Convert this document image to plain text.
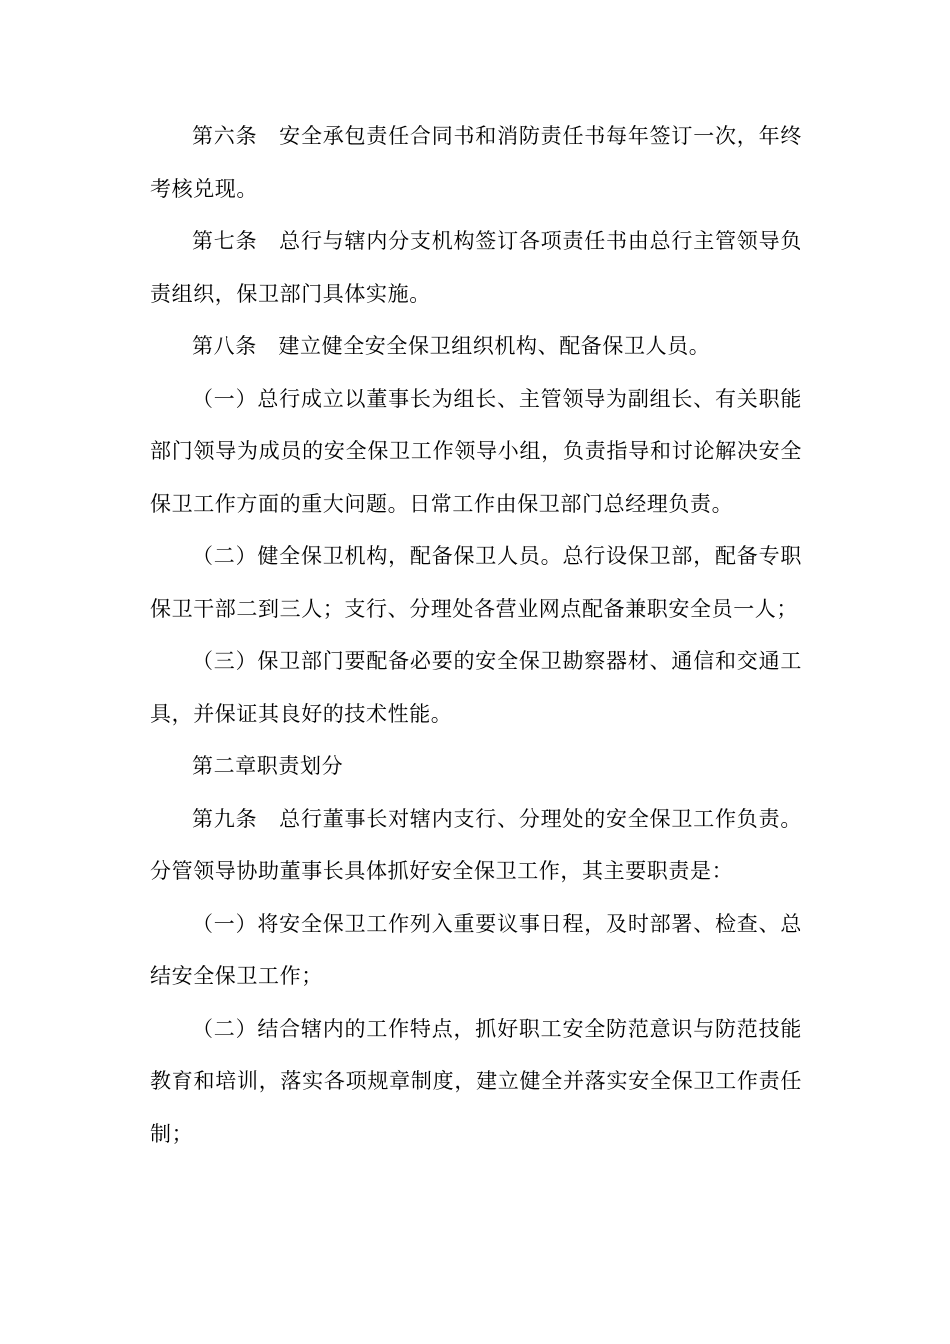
第六条　安全承包责任合同书和消防责任书每年签订一次，年终考核兑现。

第七条　总行与辖内分支机构签订各项责任书由总行主管领导负责组织，保卫部门具体实施。

第八条　建立健全安全保卫组织机构、配备保卫人员。

（一）总行成立以董事长为组长、主管领导为副组长、有关职能部门领导为成员的安全保卫工作领导小组，负责指导和讨论解决安全保卫工作方面的重大问题。日常工作由保卫部门总经理负责。

（二）健全保卫机构，配备保卫人员。总行设保卫部，配备专职保卫干部二到三人；支行、分理处各营业网点配备兼职安全员一人；

（三）保卫部门要配备必要的安全保卫勘察器材、通信和交通工具，并保证其良好的技术性能。

第二章职责划分

第九条　总行董事长对辖内支行、分理处的安全保卫工作负责。分管领导协助董事长具体抓好安全保卫工作，其主要职责是：

（一）将安全保卫工作列入重要议事日程，及时部署、检查、总结安全保卫工作；

（二）结合辖内的工作特点，抓好职工安全防范意识与防范技能教育和培训，落实各项规章制度，建立健全并落实安全保卫工作责任制；
